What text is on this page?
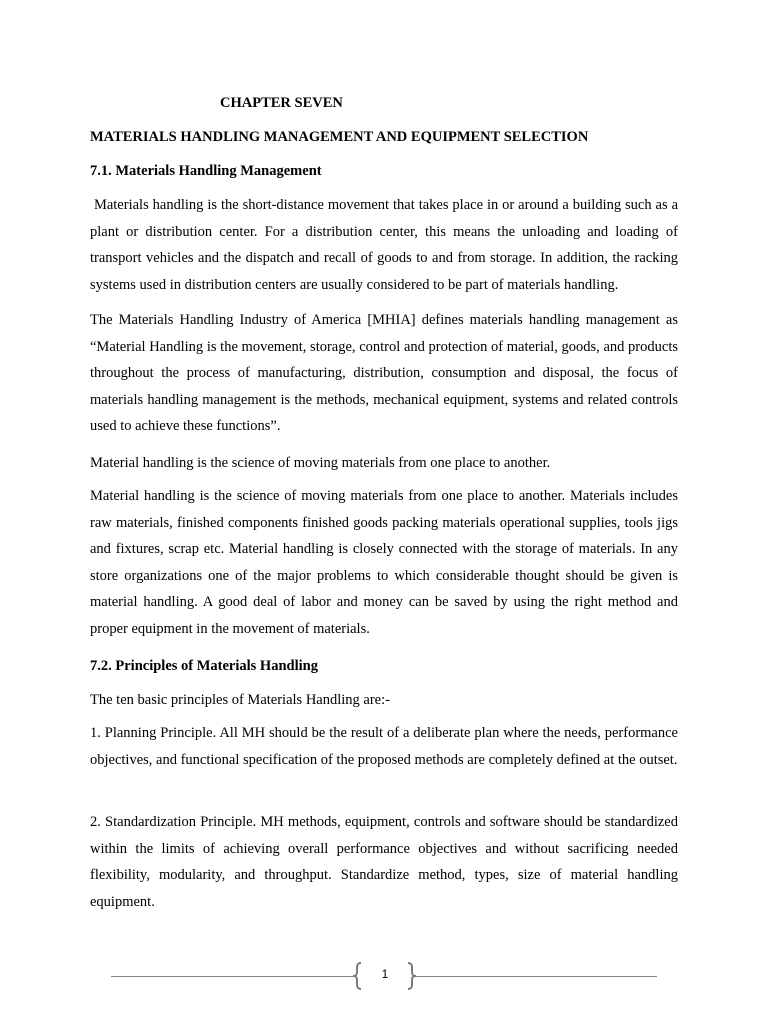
CHAPTER SEVEN
MATERIALS HANDLING MANAGEMENT AND EQUIPMENT SELECTION
7.1. Materials Handling Management

Materials handling is the short-distance movement that takes place in or around a building such as a plant or distribution center. For a distribution center, this means the unloading and loading of transport vehicles and the dispatch and recall of goods to and from storage. In addition, the racking systems used in distribution centers are usually considered to be part of materials handling.

The Materials Handling Industry of America [MHIA] defines materials handling management as “Material Handling is the movement, storage, control and protection of material, goods, and products throughout the process of manufacturing, distribution, consumption and disposal, the focus of materials handling management is the methods, mechanical equipment, systems and related controls used to achieve these functions”.

Material handling is the science of moving materials from one place to another.

Material handling is the science of moving materials from one place to another. Materials includes raw materials, finished components finished goods packing materials operational supplies, tools jigs and fixtures, scrap etc. Material handling is closely connected with the storage of materials. In any store organizations one of the major problems to which considerable thought should be given is material handling. A good deal of labor and money can be saved by using the right method and proper equipment in the movement of materials.

7.2. Principles of Materials Handling

The ten basic principles of Materials Handling are:-

1. Planning Principle. All MH should be the result of a deliberate plan where the needs, performance objectives, and functional specification of the proposed methods are completely defined at the outset.

2. Standardization Principle. MH methods, equipment, controls and software should be standardized within the limits of achieving overall performance objectives and without sacrificing needed flexibility, modularity, and throughput. Standardize method, types, size of material handling equipment.

1
